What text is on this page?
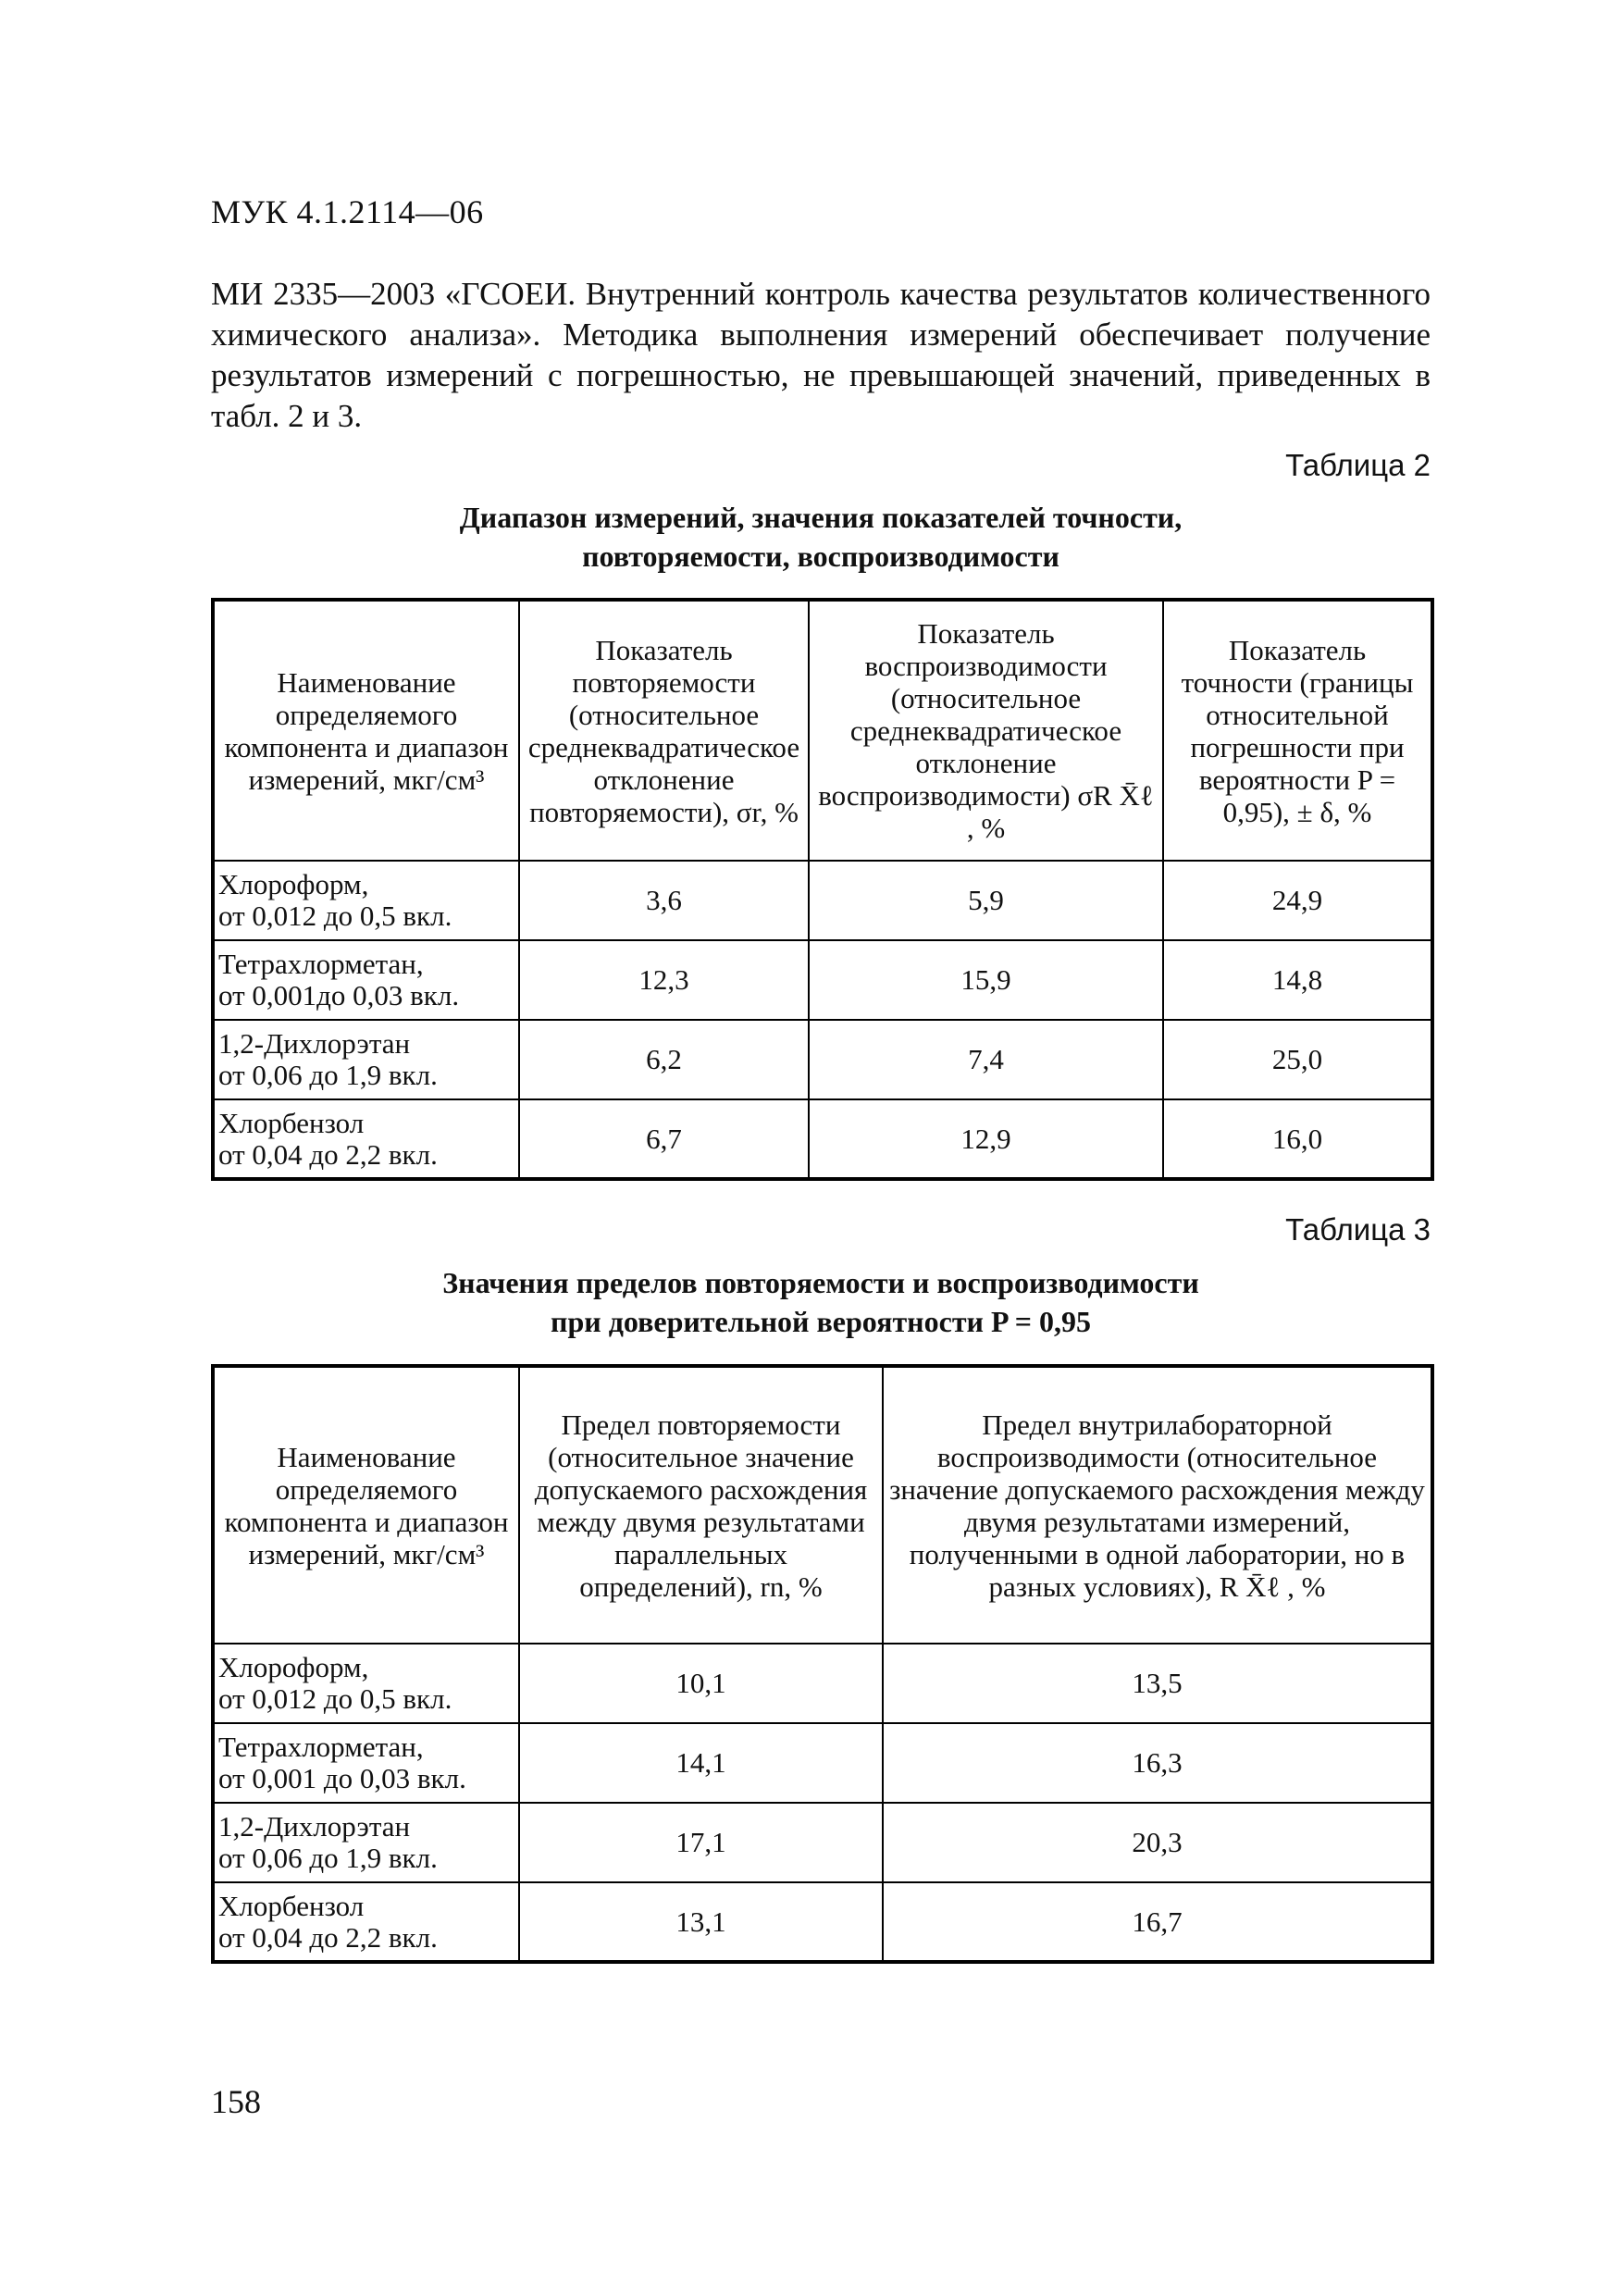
МУК 4.1.2114—06

МИ 2335—2003 «ГСОЕИ. Внутренний контроль качества результатов количественного химического анализа». Методика выполнения измерений обеспечивает получение результатов измерений с погрешностью, не превышающей значений, приведенных в табл. 2 и 3.

Таблица 2
Диапазон измерений, значения показателей точности,
повторяемости, воспроизводимости
Наименование определяемого компонента и диапазон измерений, мкг/см³	Показатель повторяемости (относительное среднеквадратическое отклонение повторяемости), σr, %	Показатель воспроизводимости (относительное среднеквадратическое отклонение воспроизводимости) σR X̄ℓ , %	Показатель точности (границы относительной погрешности при вероятности P = 0,95), ± δ, %

Хлороформ,
от 0,012 до 0,5 вкл.	3,6	5,9	24,9

Тетрахлорметан,
от 0,001до 0,03 вкл.	12,3	15,9	14,8

1,2-Дихлорэтан
от 0,06 до 1,9 вкл.	6,2	7,4	25,0

Хлорбензол
от 0,04 до 2,2 вкл.	6,7	12,9	16,0
Таблица 3
Значения пределов повторяемости и воспроизводимости
при доверительной вероятности P = 0,95
Наименование определяемого компонента и диапазон измерений, мкг/см³	Предел повторяемости (относительное значение допускаемого расхождения между двумя результатами параллельных определений), rn, %	Предел внутрилабораторной воспроизводимости (относительное значение допускаемого расхождения между двумя результатами измерений, полученными в одной лаборатории, но в разных условиях), R X̄ℓ , %

Хлороформ,
от 0,012 до 0,5 вкл.	10,1	13,5

Тетрахлорметан,
от 0,001 до 0,03 вкл.	14,1	16,3

1,2-Дихлорэтан
от 0,06 до 1,9 вкл.	17,1	20,3

Хлорбензол
от 0,04 до 2,2 вкл.	13,1	16,7
158
